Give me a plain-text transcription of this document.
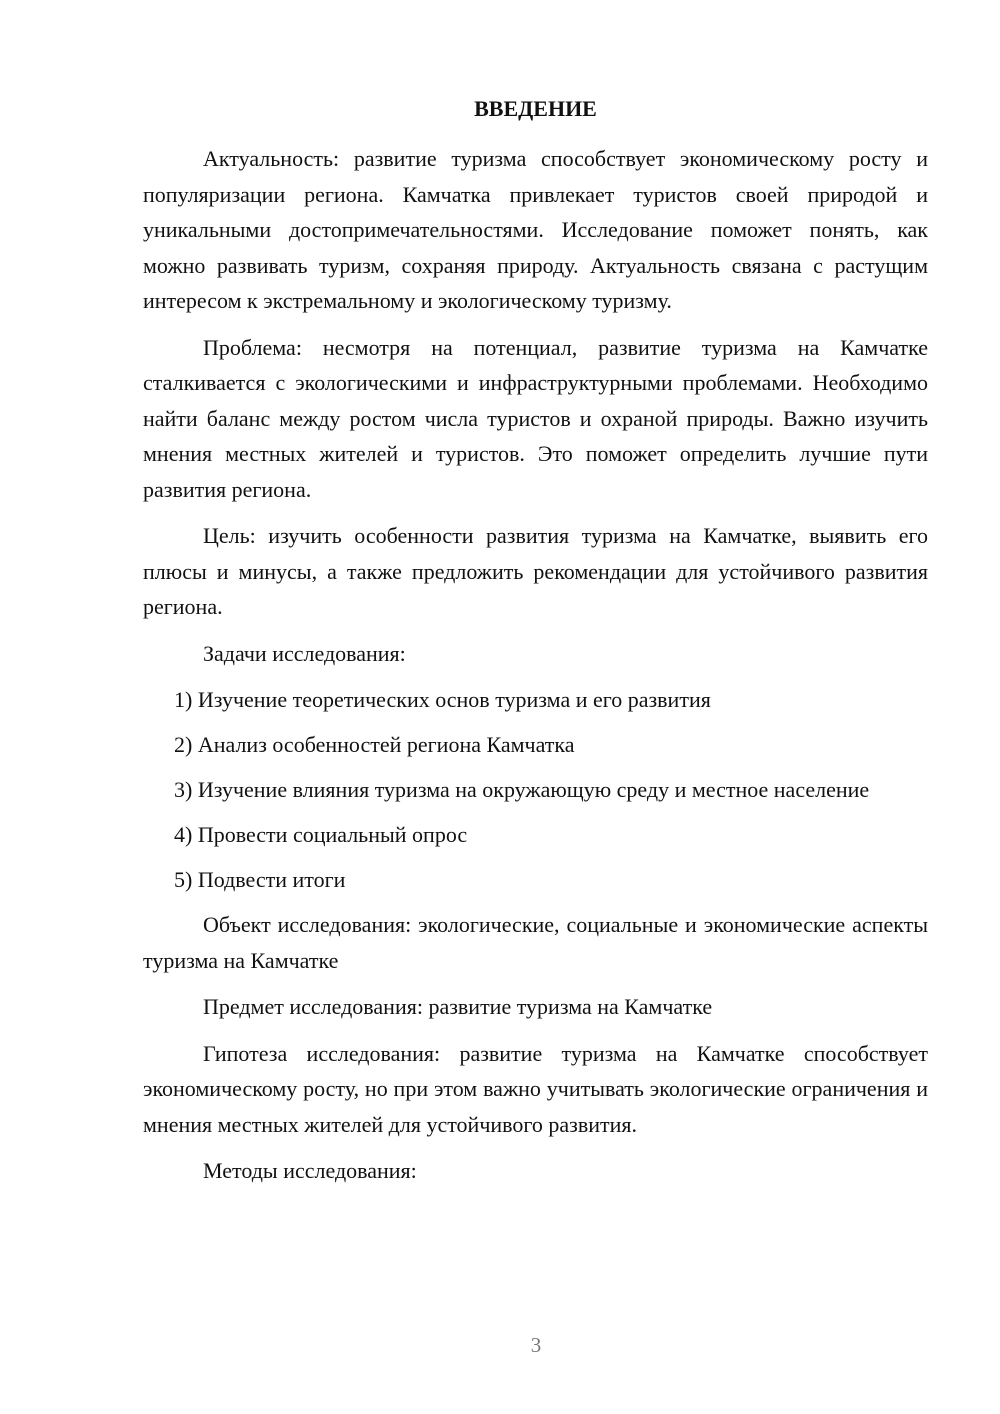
ВВЕДЕНИЕ

Актуальность: развитие туризма способствует экономическому росту и популяризации региона. Камчатка привлекает туристов своей природой и уникальными достопримечательностями. Исследование поможет понять, как можно развивать туризм, сохраняя природу. Актуальность связана с растущим интересом к экстремальному и экологическому туризму.

Проблема: несмотря на потенциал, развитие туризма на Камчатке сталкивается с экологическими и инфраструктурными проблемами. Необходимо найти баланс между ростом числа туристов и охраной природы. Важно изучить мнения местных жителей и туристов. Это поможет определить лучшие пути развития региона.

Цель: изучить особенности развития туризма на Камчатке, выявить его плюсы и минусы, а также предложить рекомендации для устойчивого развития региона.

Задачи исследования:

1) Изучение теоретических основ туризма и его развития
2) Анализ особенностей региона Камчатка
3) Изучение влияния туризма на окружающую среду и местное население
4) Провести социальный опрос
5) Подвести итоги

Объект исследования: экологические, социальные и экономические аспекты туризма на Камчатке

Предмет исследования: развитие туризма на Камчатке

Гипотеза исследования: развитие туризма на Камчатке способствует экономическому росту, но при этом важно учитывать экологические ограничения и мнения местных жителей для устойчивого развития.

Методы исследования:

3
